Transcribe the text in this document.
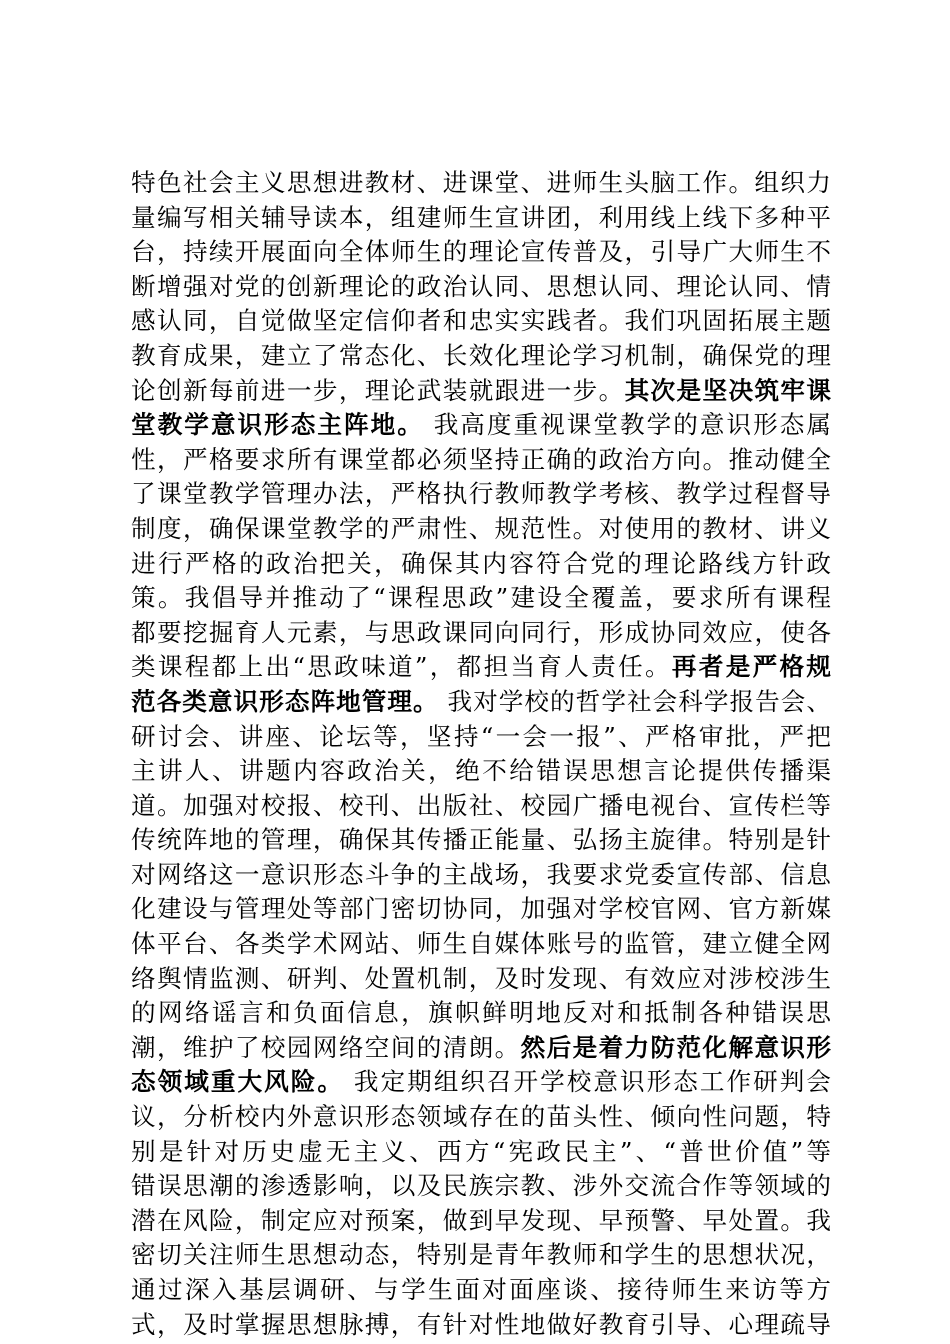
特色社会主义思想进教材、进课堂、进师生头脑工作。组织力
量编写相关辅导读本，组建师生宣讲团，利用线上线下多种平
台，持续开展面向全体师生的理论宣传普及，引导广大师生不
断增强对党的创新理论的政治认同、思想认同、理论认同、情
感认同，自觉做坚定信仰者和忠实实践者。我们巩固拓展主题
教育成果，建立了常态化、长效化理论学习机制，确保党的理
论创新每前进一步，理论武装就跟进一步。其次是坚决筑牢课
堂教学意识形态主阵地。 我高度重视课堂教学的意识形态属
性，严格要求所有课堂都必须坚持正确的政治方向。推动健全
了课堂教学管理办法，严格执行教师教学考核、教学过程督导
制度，确保课堂教学的严肃性、规范性。对使用的教材、讲义
进行严格的政治把关，确保其内容符合党的理论路线方针政
策。我倡导并推动了“课程思政”建设全覆盖，要求所有课程
都要挖掘育人元素，与思政课同向同行，形成协同效应，使各
类课程都上出“思政味道”，都担当育人责任。再者是严格规
范各类意识形态阵地管理。 我对学校的哲学社会科学报告会、
研讨会、讲座、论坛等，坚持“一会一报”、严格审批，严把
主讲人、讲题内容政治关，绝不给错误思想言论提供传播渠
道。加强对校报、校刊、出版社、校园广播电视台、宣传栏等
传统阵地的管理，确保其传播正能量、弘扬主旋律。特别是针
对网络这一意识形态斗争的主战场，我要求党委宣传部、信息
化建设与管理处等部门密切协同，加强对学校官网、官方新媒
体平台、各类学术网站、师生自媒体账号的监管，建立健全网
络舆情监测、研判、处置机制，及时发现、有效应对涉校涉生
的网络谣言和负面信息，旗帜鲜明地反对和抵制各种错误思
潮，维护了校园网络空间的清朗。然后是着力防范化解意识形
态领域重大风险。 我定期组织召开学校意识形态工作研判会
议，分析校内外意识形态领域存在的苗头性、倾向性问题，特
别是针对历史虚无主义、西方“宪政民主”、“普世价值”等
错误思潮的渗透影响，以及民族宗教、涉外交流合作等领域的
潜在风险，制定应对预案，做到早发现、早预警、早处置。我
密切关注师生思想动态，特别是青年教师和学生的思想状况，
通过深入基层调研、与学生面对面座谈、接待师生来访等方
式，及时掌握思想脉搏，有针对性地做好教育引导、心理疏导
